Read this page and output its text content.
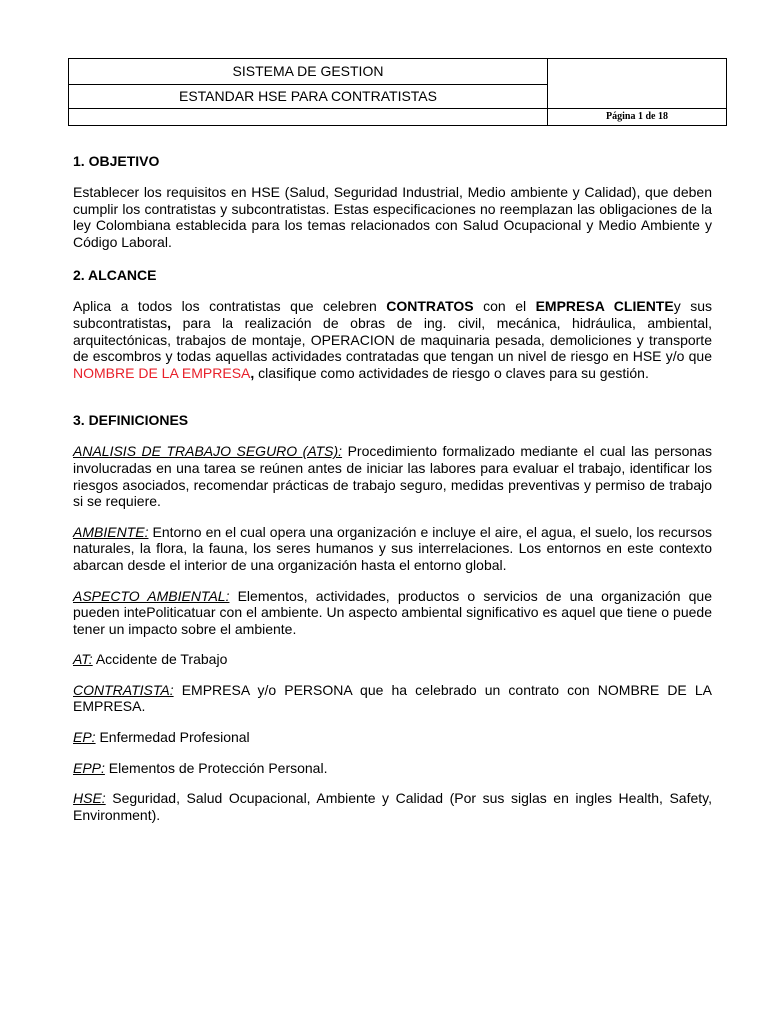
SISTEMA DE GESTION
ESTANDAR HSE PARA CONTRATISTAS
Página 1 de 18
1. OBJETIVO

Establecer los requisitos en HSE (Salud, Seguridad Industrial, Medio ambiente y Calidad), que deben cumplir los contratistas y subcontratistas. Estas especificaciones no reemplazan las obligaciones de la ley Colombiana establecida para los temas relacionados con Salud Ocupacional y Medio Ambiente y Código Laboral.

2. ALCANCE

Aplica a todos los contratistas que celebren CONTRATOS con el EMPRESA CLIENTEy sus subcontratistas, para la realización de obras de ing. civil, mecánica, hidráulica, ambiental, arquitectónicas, trabajos de montaje, OPERACION de maquinaria pesada, demoliciones y transporte de escombros y todas aquellas actividades contratadas que tengan un nivel de riesgo en HSE y/o que NOMBRE DE LA EMPRESA, clasifique como actividades de riesgo o claves para su gestión.

3. DEFINICIONES

ANALISIS DE TRABAJO SEGURO (ATS): Procedimiento formalizado mediante el cual las personas involucradas en una tarea se reúnen antes de iniciar las labores para evaluar el trabajo, identificar los riesgos asociados, recomendar prácticas de trabajo seguro, medidas preventivas y permiso de trabajo si se requiere.

AMBIENTE: Entorno en el cual opera una organización e incluye el aire, el agua, el suelo, los recursos naturales, la flora, la fauna, los seres humanos y sus interrelaciones. Los entornos en este contexto abarcan desde el interior de una organización hasta el entorno global.

ASPECTO AMBIENTAL: Elementos, actividades, productos o servicios de una organización que pueden intePoliticatuar con el ambiente. Un aspecto ambiental significativo es aquel que tiene o puede tener un impacto sobre el ambiente.

AT: Accidente de Trabajo

CONTRATISTA: EMPRESA y/o PERSONA que ha celebrado un contrato con NOMBRE DE LA EMPRESA.

EP: Enfermedad Profesional

EPP: Elementos de Protección Personal.

HSE: Seguridad, Salud Ocupacional, Ambiente y Calidad (Por sus siglas en ingles Health, Safety, Environment).
